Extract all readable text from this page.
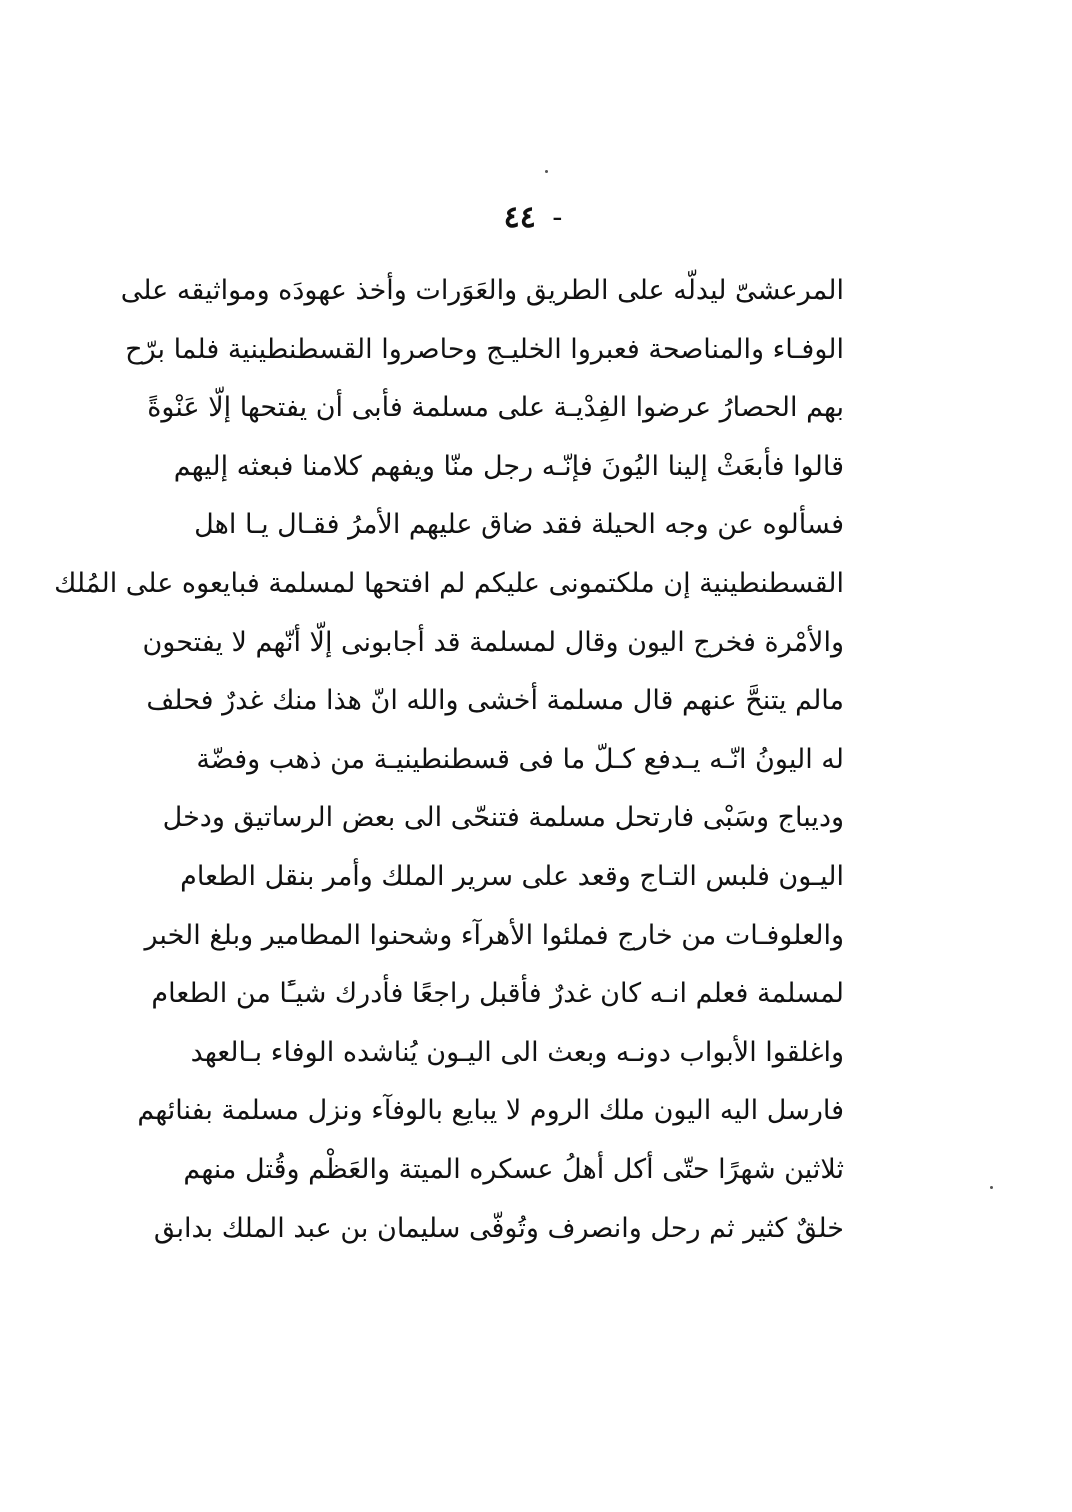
- ٤٤
المرعشىّ ليدلّه على الطريق والعَوَرات وأخذ عهودَه ومواثيقه على
الوفـاء والمناصحة فعبروا الخليـج وحاصروا القسطنطينية فلما برّح
بهم الحصارُ عرضوا الفِدْيـة على مسلمة فأبى أن يفتحها إلّا عَنْوةً
قالوا فأبعَثْ إلينا اليُونَ فإنّـه رجل منّا ويفهم كلامنا فبعثه إليهم
فسألوه عن وجه الحيلة فقد ضاق عليهم الأمرُ فقـال يـا اهل
القسطنطينية إن ملكتمونى عليكم لم افتحها لمسلمة فبايعوه على المُلك
والأمْرة فخرج اليون وقال لمسلمة قد أجابونى إلّا أنّهم لا يفتحون
مالم يتنحَّ عنهم قال مسلمة أخشى والله انّ هذا منك غدرٌ فحلف
له اليونُ انّـه يـدفع كـلّ ما فى قسطنطينيـة من ذهب وفضّة
وديباج وسَبْى فارتحل مسلمة فتنحّى الى بعض الرساتيق ودخل
اليـون فلبس التـاج وقعد على سرير الملك وأمر بنقل الطعام
والعلوفـات من خارج فملئوا الأهرآء وشحنوا المطامير وبلغ الخبر
لمسلمة فعلم انـه كان غدرٌ فأقبل راجعًا فأدرك شيـًٔا من الطعام
واغلقوا الأبواب دونـه وبعث الى اليـون يُناشده الوفاء بـالعهد
فارسل اليه اليون ملك الروم لا يبايع بالوفآء ونزل مسلمة بفنائهم
ثلاثين شهرًا حتّى أكل أهلُ عسكره الميتة والعَظْم وقُتل منهم
خلقٌ كثير ثم رحل وانصرف وتُوفّى سليمان بن عبد الملك بدابق
